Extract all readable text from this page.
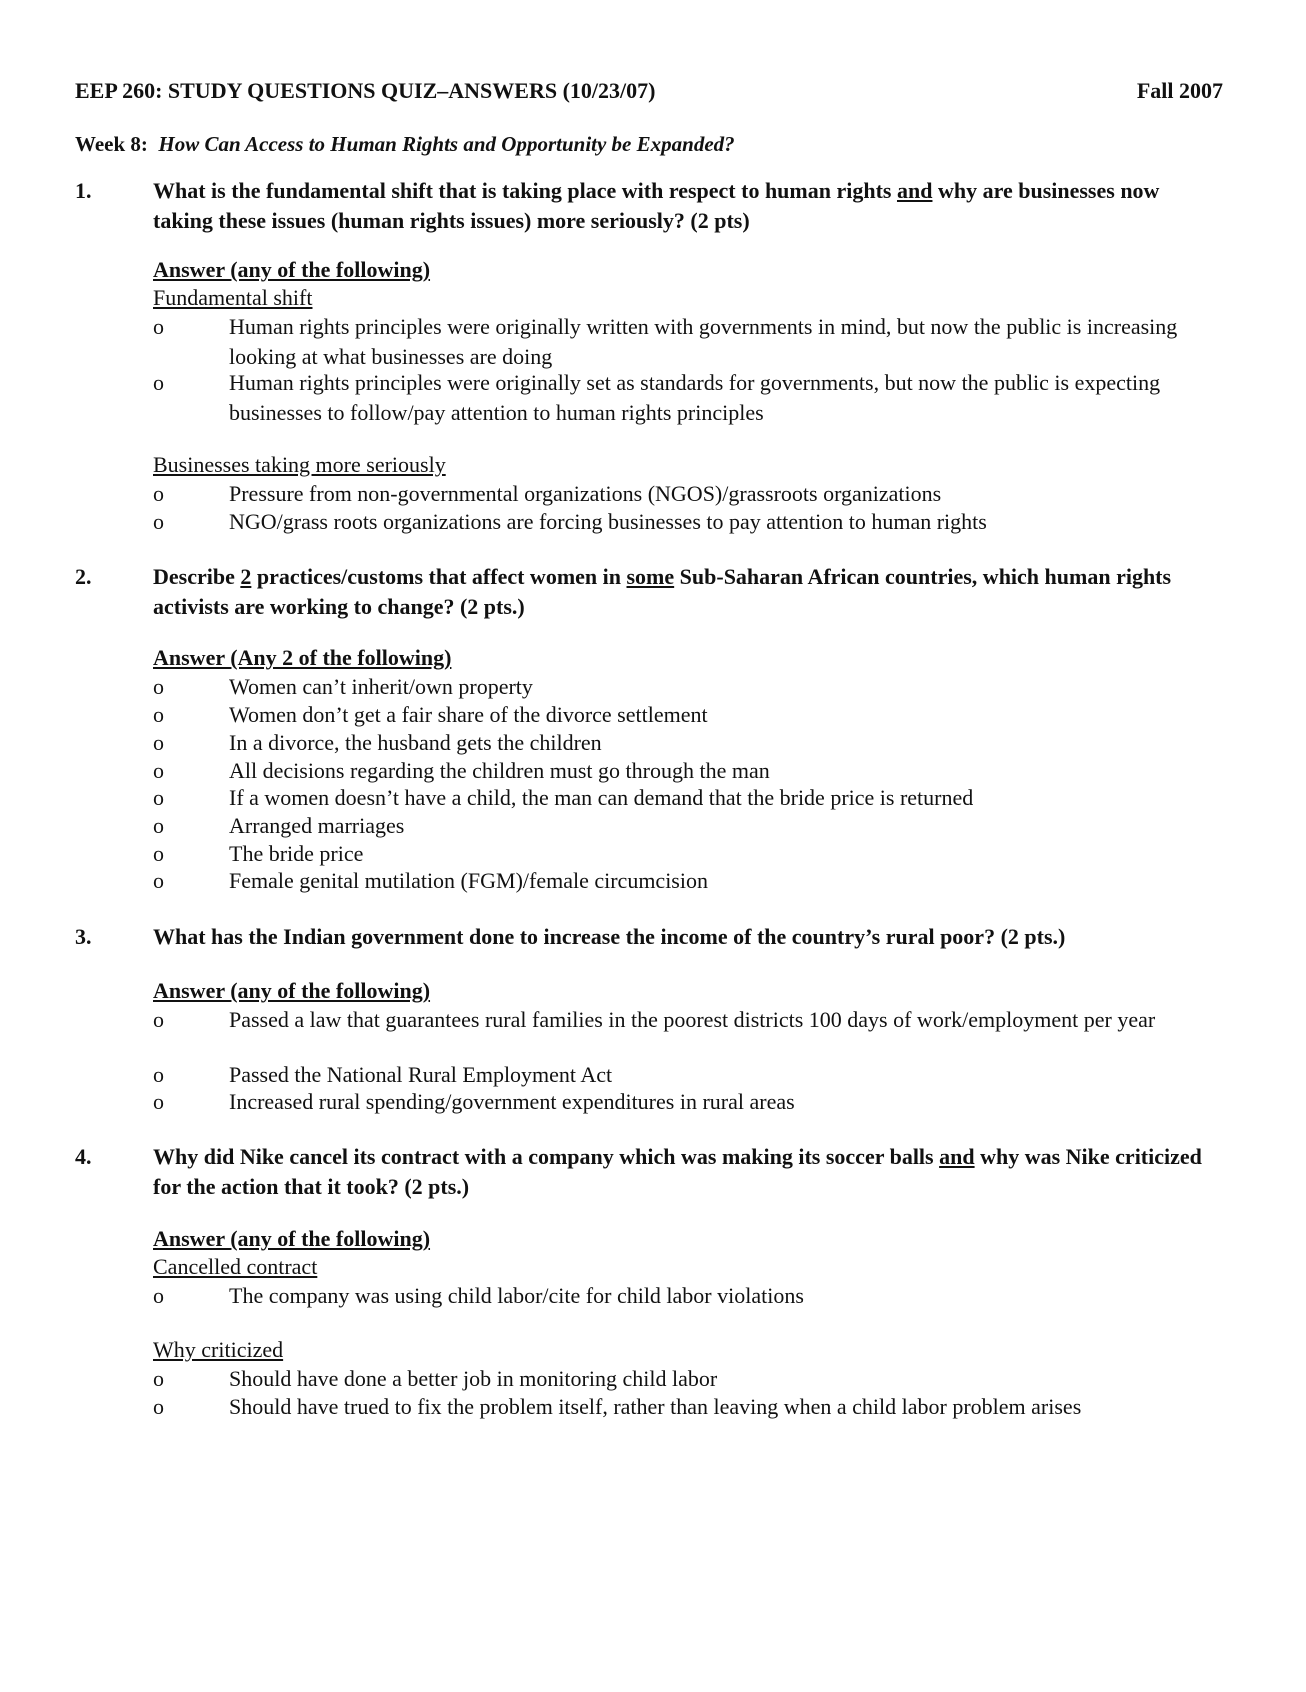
EEP 260: STUDY QUESTIONS QUIZ–ANSWERS (10/23/07)	Fall 2007
Week 8: How Can Access to Human Rights and Opportunity be Expanded?
1.	What is the fundamental shift that is taking place with respect to human rights and why are businesses now taking these issues (human rights issues) more seriously? (2 pts)
Answer (any of the following)
Fundamental shift
o	Human rights principles were originally written with governments in mind, but now the public is increasing looking at what businesses are doing
o	Human rights principles were originally set as standards for governments, but now the public is expecting businesses to follow/pay attention to human rights principles
Businesses taking more seriously
o	Pressure from non-governmental organizations (NGOS)/grassroots organizations
o	NGO/grass roots organizations are forcing businesses to pay attention to human rights
2.	Describe 2 practices/customs that affect women in some Sub-Saharan African countries, which human rights activists are working to change? (2 pts.)
Answer (Any 2 of the following)
o	Women can’t inherit/own property
o	Women don’t get a fair share of the divorce settlement
o	In a divorce, the husband gets the children
o	All decisions regarding the children must go through the man
o	If a women doesn’t have a child, the man can demand that the bride price is returned
o	Arranged marriages
o	The bride price
o	Female genital mutilation (FGM)/female circumcision
3.	What has the Indian government done to increase the income of the country’s rural poor? (2 pts.)
Answer (any of the following)
o	Passed a law that guarantees rural families in the poorest districts 100 days of work/employment per year
o	Passed the National Rural Employment Act
o	Increased rural spending/government expenditures in rural areas
4.	Why did Nike cancel its contract with a company which was making its soccer balls and why was Nike criticized for the action that it took? (2 pts.)
Answer (any of the following)
Cancelled contract
o	The company was using child labor/cite for child labor violations
Why criticized
o	Should have done a better job in monitoring child labor
o	Should have trued to fix the problem itself, rather than leaving when a child labor problem arises
